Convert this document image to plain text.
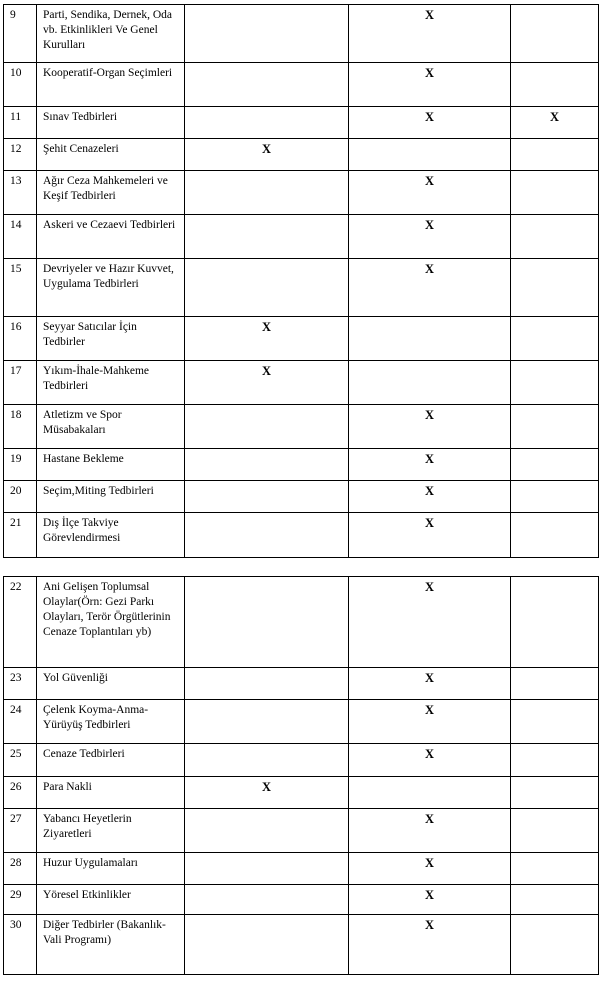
9	Parti, Sendika, Dernek, Oda vb. Etkinlikleri Ve Genel Kurulları		X	
10	Kooperatif-Organ Seçimleri		X	
11	Sınav Tedbirleri		X	X
12	Şehit Cenazeleri	X		
13	Ağır Ceza Mahkemeleri ve Keşif Tedbirleri		X	
14	Askeri ve Cezaevi Tedbirleri		X	
15	Devriyeler ve Hazır Kuvvet, Uygulama Tedbirleri		X	
16	Seyyar Satıcılar İçin Tedbirler	X		
17	Yıkım-İhale-Mahkeme Tedbirleri	X		
18	Atletizm ve Spor Müsabakaları		X	
19	Hastane Bekleme		X	
20	Seçim,Miting Tedbirleri		X	
21	Dış İlçe Takviye Görevlendirmesi		X	
22	Ani Gelişen Toplumsal Olaylar(Örn: Gezi Parkı Olayları, Terör Örgütlerinin Cenaze Toplantıları yb)		X	
23	Yol Güvenliği		X	
24	Çelenk Koyma-Anma-Yürüyüş Tedbirleri		X	
25	Cenaze Tedbirleri		X	
26	Para Nakli	X		
27	Yabancı Heyetlerin Ziyaretleri		X	
28	Huzur Uygulamaları		X	
29	Yöresel Etkinlikler		X	
30	Diğer Tedbirler (Bakanlık-Vali Programı)		X	
